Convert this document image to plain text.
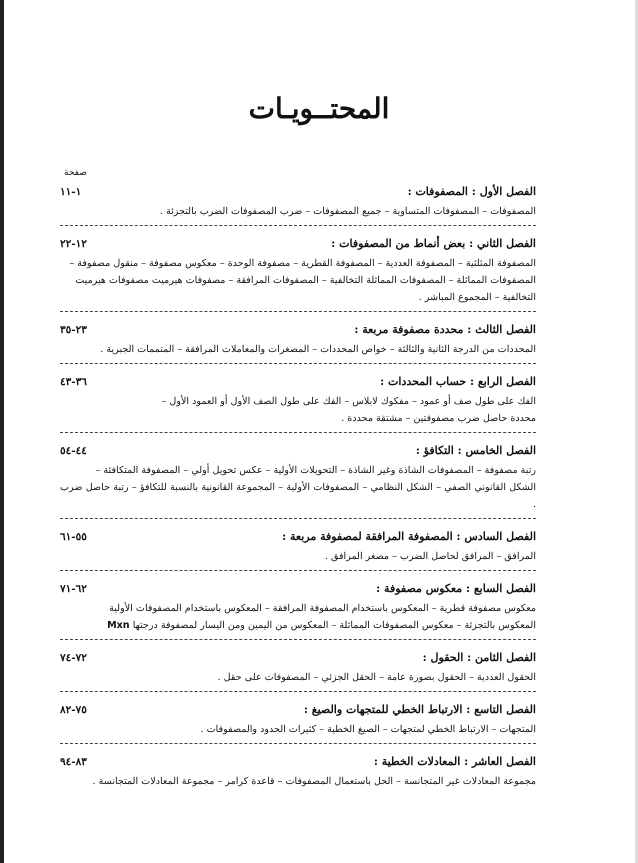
المحتــويـات
صفحة
الفصل الأول : المصفوفات :
١-١١
المصفوفات – المصفوفات المتساوية – جميع المصفوفات – ضرب المصفوفات الضرب بالتجزئة .
الفصل الثاني : بعض أنماط من المصفوفات :
١٢-٢٢
المصفوفة المثلثية – المصفوفة العددية – المصفوفة القطرية – مصفوفة الوحدة – معكوس مصفوفة – منقول مصفوفة –
المصفوفات المماثلة – المصفوفات المماثلة التخالفية – المصفوفات المرافقة – مصفوفات هيرميت مصفوفات هيرميت
التخالفية – المجموع المباشر .
الفصل الثالث : محددة مصفوفة مربعة :
٢٣-٣٥
المحددات من الدرجة الثانية والثالثة – خواص المحددات – المصغرات والمعاملات المرافقة – المتممات الجبرية .
الفصل الرابع : حساب المحددات :
٣٦-٤٣
الفك على طول صف أو عمود – مفكوك لابلاس – الفك على طول الصف الأول أو العمود الأول –
محددة حاصل ضرب مصفوفتين – مشتقة محددة .
الفصل الخامس : التكافؤ :
٤٤-٥٤
رتبة مصفوفة – المصفوفات الشاذة وغير الشاذة – التحويلات الأولية – عكس تحويل أولي – المصفوفة المتكافئة –
الشكل القانوني الصفي – الشكل النظامي – المصفوفات الأولية – المجموعة القانونية بالنسبة للتكافؤ – رتبة حاصل ضرب .
الفصل السادس : المصفوفة المرافقة لمصفوفة مربعة :
٥٥-٦١
المرافق – المرافق لحاصل الضرب – مصغر المرافق .
الفصل السابع : معكوس مصفوفة :
٦٢-٧١
معكوس مصفوفة قطرية – المعكوس باستخدام المصفوفة المرافقة – المعكوس باستخدام المصفوفات الأولية
المعكوس بالتجزئة – معكوس المصفوفات المماثلة – المعكوس من اليمين ومن اليسار لمصفوفة درجتها Mxn
الفصل الثامن : الحقول :
٧٢-٧٤
الحقول العددية – الحقول بصورة عامة – الحقل الجزئي – المصفوفات على حقل .
الفصل التاسع : الارتباط الخطي للمتجهات والصيغ :
٧٥-٨٢
المتجهات – الارتباط الخطي لمتجهات – الصيغ الخطية – كثيرات الحدود والمصفوفات .
الفصل العاشر : المعادلات الخطية :
٨٣-٩٤
مجموعة المعادلات غير المتجانسة – الحل باستعمال المصفوفات – قاعدة كرامر – مجموعة المعادلات المتجانسة .
